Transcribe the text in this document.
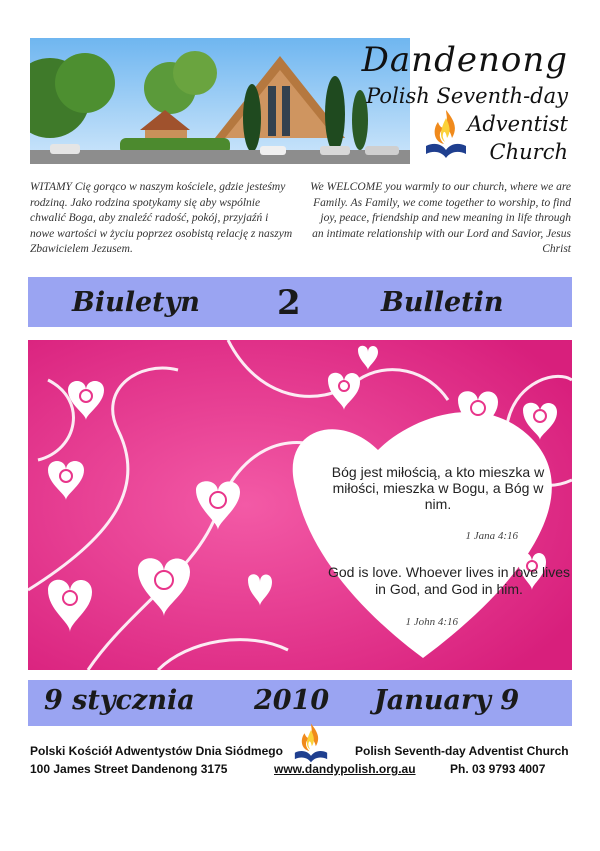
Dandenong
Polish Seventh-day
Adventist
Church
WITAMY Cię gorąco w naszym kościele, gdzie jesteśmy rodziną. Jako rodzina spotykamy się aby wspólnie chwalić Boga, aby znaleźć radość, pokój, przyjaźń i nowe wartości w życiu poprzez osobistą relację z naszym Zbawicielem Jezusem.
We WELCOME you warmly to our church, where we are Family. As Family, we come together to worship, to find joy, peace, friendship and new meaning in life through an intimate relationship with our Lord and Savior, Jesus Christ
Biuletyn 2	Bulletin
Bóg jest miłością, a kto mieszka w miłości, mieszka w Bogu, a Bóg w nim.
1 Jana 4:16
God is love. Whoever lives in love lives in God, and God in him.
1 John 4:16
9 stycznia 2010 January 9
Polski Kościół Adwentystów Dnia Siódmego
100 James Street Dandenong 3175
Polish Seventh-day Adventist Church
www.dandypolish.org.au	Ph. 03 9793 4007
